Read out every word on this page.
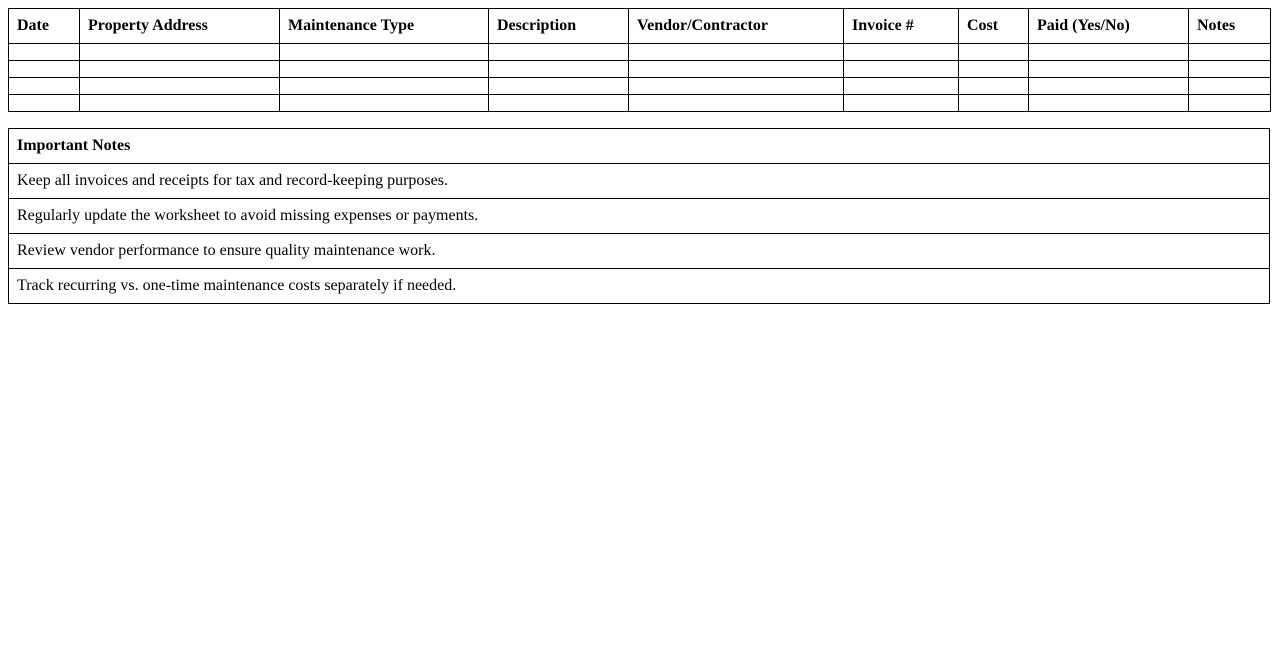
Date	Property Address	Maintenance Type	Description	Vendor/Contractor	Invoice #	Cost	Paid (Yes/No)	Notes

Important Notes
Keep all invoices and receipts for tax and record-keeping purposes.
Regularly update the worksheet to avoid missing expenses or payments.
Review vendor performance to ensure quality maintenance work.
Track recurring vs. one-time maintenance costs separately if needed.
